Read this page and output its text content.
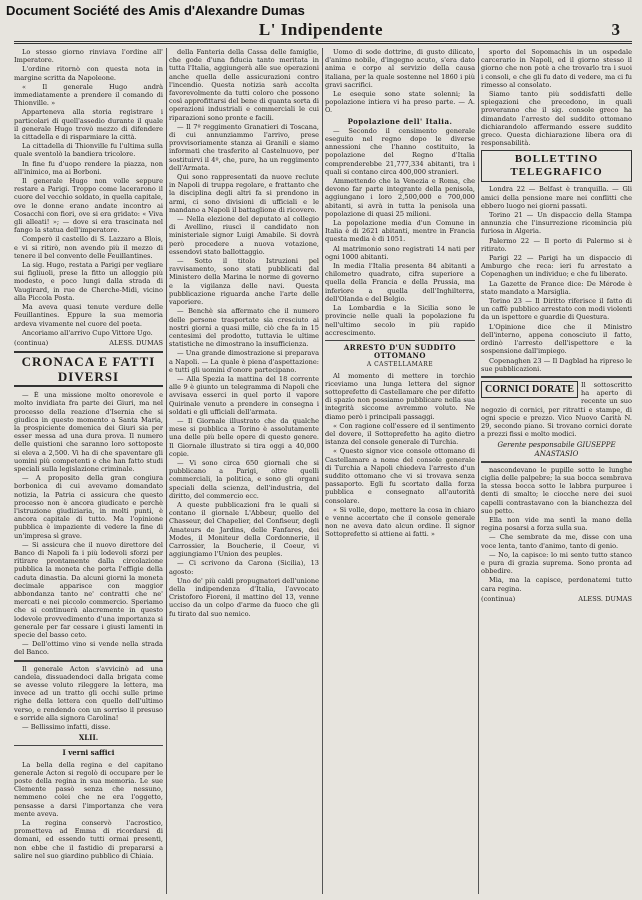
Document Société des Amis d'Alexandre Dumas
L' Indipendente	3

Lo stesso giorno rinviava l'ordine all' Imperatore.

L'ordine ritornò con questa nota in margine scritta da Napoleone.

« Il generale Hugo andrà immediatamente a prendere il comando di Thionville. »

Apparteneva alla storia registrare i particolari di quell'assedio durante il quale il generale Hugo trovò mezzo di difendere la cittadella e di risparmiare la città.

La cittadella di Thionville fu l'ultima sulla quale sventolò la bandiera tricolore.

In fine fu d'uopo rendere la piazza, non all'inimico, ma ai Borboni.

Il generale Hugo non volle seppure restare a Parigi. Troppo come lacerarono il cuore del vecchio soldato, in quella capitale, ove le donne erano andate incontro ai Cosacchi con fiori, ove si era gridato: « Viva gli alleati! »; — dove si era trascinata nel fango la statua dell'imperatore.

Comperò il castello di S. Lazzaro a Blois, e vi si ritirò, non avendo più il mezzo di tenere il bel convento delle Feuillantines.

La sig. Hugo, restata a Parigi per vegliare sui figliuoli, prese la fitto un alloggio più modesto, e poco lungi dalla strada di Vaugirard, in rue de Cherche-Midi, vicino alla Piccola Posta.

Ma aveva quasi tenute verdure delle Feuillantines. Eppure la sua memoria ardeva vivamente nel cuore del poeta.

Ancoriamo all'arrivo Cupo Vittore Ugo.

(continua)	ALESS. DUMAS
CRONACA E FATTI DIVERSI

— È una missione molto onorevole e molto invidiata fra parte dei Giuri, ma nel processo della reazione d'Isernia che si giudica in questo momento a Santa Maria, la prospiciente domenica dei Giuri sia per esser messa ad una dura prova. Il numero delle quistioni che saranno loro sottoposte si eleva a 2,500. Vi ha di che spaventare gli uomini più competenti e che han fatto studi speciali sulla legislazione criminale.

— A proposito della gran congiura borbonica di cui avevamo domandato notizia, la Patria ci assicura che questo processo non è ancora giudicato e perchè l'istruzione giudiziaria, in molti punti, è ancora capitale di tutto. Ma l'opinione pubblica è impaziente di vedere la fine di un'impresa sì grave.

— Si assicura che il nuovo direttore del Banco di Napoli fa i più lodevoli sforzi per ritirare prontamente dalla circolazione pubblica la moneta che porta l'effigie della caduta dinastia. Da alcuni giorni la moneta decimale apparisce con maggior abbondanza tanto ne' contratti che ne' mercati e nei piccolo commercio. Speriamo che si continuerà alacremente in questo lodevole provvedimento d'una importanza si generale per far cessare i giusti lamenti in specie del basso ceto.

— Dell'ottimo vino si vende nella strada del Banco.

Il generale Acton s'avvicinò ad una candela, dissuadendoci dalla brigata come se avesse voluto rileggere la lettera, ma invece ad un tratto gli occhi sulle prime righe della lettera con quello dell'ultimo verso, e rendendo con un sorriso il presuso e sorride alla signora Carolina!

— Bellissimo infatti, disse.

XLII.
I verni saffici

La bella della regina e del capitano generale Acton si regolò di occupare per le poste della regina in sua memoria. Le sue Clemente passò senza che nessuno, nemmeno colei che ne era l'oggetto, pensasse a darsi l'importanza che vera mente aveva.

La regina conservò l'acrostico, prometteva ad Emma di ricordarsi di domani, ed essendo tutti ormai presenti, non ebbe che il fastidio di prepararsi a salire nel suo giardino pubblico di Chiaia.

della Fanteria della Cassa delle famiglie, che gode d'una fiducia tanto meritata in tutta l'Italia, aggiungerà alle sue operazioni anche quella delle assicurazioni contro l'incendio. Questa notizia sarà accolta favorevolmente da tutti coloro che possono così approfittarsi del bene di quanta sorta di operazioni industriali e commerciali le cui riparazioni sono pronte e facili.

— Il 7º reggimento Granatieri di Toscana, di cui annunziammo l'arrivo, prese provvisoriamente stanza ai Granili e siamo informati che trasferito al Castelnuovo, per sostituirvi il 4º, che, pure, ha un reggimento dell'Armata.

Qui sono rappresentati da nuove reclute in Napoli di truppa regolare, e frattanto che la disciplina degli altri fa si prendono in armi, ci sono divisioni di ufficiali e le mandano a Napoli il battaglione di ricovero.

— Nella elezione del deputato al collegio di Avellino, riuscì il candidato non ministeriale signor Luigi Amabile. Si dovrà però procedere a nuova votazione, essendovi stato ballottaggio.

— Sotto il titolo Istruzioni pel ravvisamento, sono stati pubblicati dal Ministero della Marina le norme di governo e la vigilanza delle navi. Questa pubblicazione riguarda anche l'arte delle vaporiere.

— Benchè sia affermato che il numero delle persone trasportate sia cresciuto ai nostri giorni a quasi mille, ciò che fa in 15 centesimi del prodotto, tuttavia le ultime statistiche ne dimostrano la insufficienza.

— Una grande dimostrazione si preparava a Napoli. — La quale è piena d'aspettazione: e tutti gli uomini d'onore partecipano.

— Alla Spezia la mattina del 18 corrente alle 9 è giunto un telegramma di Napoli che avvisava esserci in quel porto il vapore Quirinale venuto a prendere in consegna i soldati e gli ufficiali dell'armata.

— Il Giornale illustrato che da qualche mese si pubblica a Torino è assolutamente una delle più belle opere di questo genere. Il Giornale illustrato si tira oggi a 40,000 copie.

— Vi sono circa 650 giornali che si pubblicano a Parigi, oltre quelli commerciali, la politica, e sono gli organi speciali della scienza, dell'industria, del diritto, del commercio ecc.

A queste pubblicazioni fra le quali si contano il giornale L'Abbeur, quello del Chasseur, del Chapelier, del Confiseur, degli Amateurs de Jardins, delle Fanfares, dei Modes, il Moniteur della Cordonnerie, il Carrossier, la Boucherie, il Coeur, vi aggiungiamo l'Union des peuples.

— Ci scrivono da Carona (Sicilia), 13 agosto:

Uno de' più caldi propugnatori dell'unione della indipendenza d'Italia, l'avvocato Cristoforo Fioreni, il mattino del 13, venne ucciso da un colpo d'arme da fuoco che gli fu tirato dal suo nemico.

Uomo di sode dottrine, di gusto dilicato, d'animo nobile, d'ingegno acuto, s'era dato anima e corpo al servizio della causa italiana, per la quale sostenne nel 1860 i più gravi sacrifici.

Le esequie sono state solenni; la popolazione intiera vi ha preso parte. — A. O.

Popolazione dell' Italia.

— Secondo il censimento generale eseguito nel regno dopo le diverse annessioni che l'hanno costituito, la popolazione del Regno d'Italia comprenderebbe 21,777,334 abitanti, tra i quali si contano circa 400,000 stranieri.

Ammettendo che la Venezia e Roma, che devono far parte integrante della penisola, aggiungano i loro 2,500,000 e 700,000 abitanti, si avrà in tutta la penisola una popolazione di quasi 25 milioni.

La popolazione media d'un Comune in Italia è di 2621 abitanti, mentre in Francia questa media è di 1051.

Al matrimonio sono registrati 14 nati per ogni 1000 abitanti.

In media l'Italia presenta 84 abitanti a chilometro quadrato, cifra superiore a quella della Francia e della Prussia, ma inferiore a quella dell'Inghilterra, dell'Olanda e del Belgio.

La Lombardia e la Sicilia sono le provincie nelle quali la popolazione fu nell'ultimo secolo in più rapido accrescimento.

ARRESTO D'UN SUDDITO OTTOMANO
A CASTELLAMARE

Al momento di mettere in torchio riceviamo una lunga lettera del signor sottoprefetto di Castellamare che per difetto di spazio non possiamo pubblicare nella sua integrità siccome avremmo voluto. Ne diamo però i principali passaggi.

« Con ragione coll'essere ed il sentimento del dovere, il Sottoprefetto ha agito dietro istanza del console generale di Turchia.

« Questo signor vice console ottomano di Castellamare a nome del console generale di Turchia a Napoli chiedeva l'arresto d'un suddito ottomano che vi si trovava senza passaporto. Egli fu scortato dalla forza pubblica e consegnato all'autorità consolare.

« Si volle, dopo, mettere la cosa in chiaro e venne accertato che il console generale non ne aveva dato alcun ordine. Il signor Sottoprefetto si attiene ai fatti. »

sporto del Sopomachis in un ospedale carcerario in Napoli, ed il giorno stesso il giorno che non potè a che trovarlo tra i suoi i consoli, e che gli fu dato di vedere, ma ci fu rimesso al consolato.

Siamo tanto più soddisfatti delle spiegazioni che precedono, in quali proveranno che il sig. console greco ha dimandato l'arresto del suddito ottomano dichiarandolo affermando essere suddito greco. Questa dichiarazione libera ora di responsabilità.

BOLLETTINO TELEGRAFICO

Londra 22 — Belfast è tranquilla. — Gli amici della pensione mare nei conflitti che ebbero luogo nei giorni passati.

Torino 21 — Un dispaccio della Stampa annunzia che l'insurrezione ricomincia più furiosa in Algeria.

Palermo 22 — Il porto di Palermo si è ritirato.

Parigi 22 — Parigi ha un dispaccio di Amburgo che reca: ieri fu arrestato a Copenaghen un individuo; e che fu liberato.

La Gazette de France dice: De Mérode è stato mandato a Marsiglia.

Torino 23 — Il Diritto riferisce il fatto di un caffè pubblico arrestato con modi violenti da un ispettore e guardie di Questura.

L'Opinione dice che il Ministro dell'interno, appena conosciuto il fatto, ordinò l'arresto dell'ispettore e la sospensione dall'impiego.

Copenaghen 23 — Il Dagblad ha ripreso le sue pubblicazioni.

CORNICI DORATE	Il sottoscritto ha aperto di recente un suo negozio di cornici, per ritratti e stampe, di ogni specie e prezzo. Vico Nuovo Carità N. 29, secondo piano. Si trovano cornici dorate a prezzi fissi e molto modici.
Gerente pesponsabile GIUSEPPE ANASTASIO

nascondevano le pupille sotto le lunghe ciglia delle palpebre; la sua bocca sembrava la stessa bocca sotto le labbra purpuree i denti di smalto; le ciocche nere dei suoi capelli contrastavano con la bianchezza del suo petto.

Ella non vide ma sentì la mano della regina posarsi a forza sulla sua.

— Che sembrate da me, disse con una voce lenta, tanto d'animo, tanto di genio.

— No, la capisce: lo mi sento tutto stanco e pura di grazia suprema. Sono pronta ad obbedire.

Mia, ma la capisce, perdonatemi tutto cara regina.

(continua)	ALESS. DUMAS
